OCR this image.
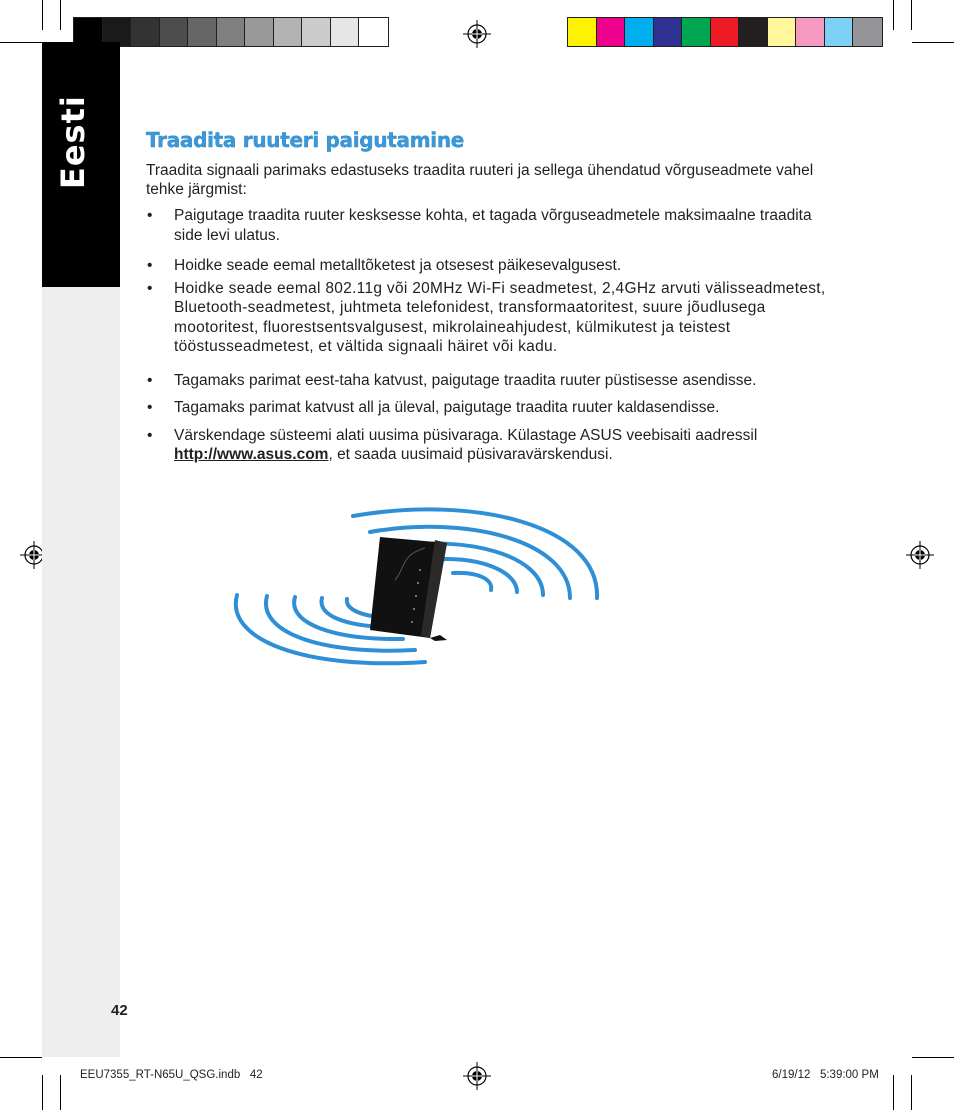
Eesti	Traadita ruuteri paigutamine
Traadita signaali parimaks edastuseks traadita ruuteri ja sellega ühendatud võrguseadmete vahel tehke järgmist:
• Paigutage traadita ruuter kesksesse kohta, et tagada võrguseadmetele maksimaalne traadita side levi ulatus.
• Hoidke seade eemal metalltõketest ja otsesest päikesevalgusest.
• Hoidke seade eemal 802.11g või 20MHz Wi-Fi seadmetest, 2,4GHz arvuti välisseadmetest, Bluetooth-seadmetest, juhtmeta telefonidest, transformaatoritest, suure jõudlusega mootoritest, fluorestsentsvalgusest, mikrolaineahjudest, külmikutest ja teistest tööstusseadmetest, et vältida signaali häiret või kadu.
• Tagamaks parimat eest-taha katvust, paigutage traadita ruuter püstisesse asendisse.
• Tagamaks parimat katvust all ja üleval, paigutage traadita ruuter kaldasendisse.
• Värskendage süsteemi alati uusima püsivaraga. Külastage ASUS veebisaiti aadressil http://www.asus.com, et saada uusimaid püsivaravärskendusi.
42
EEU7355_RT-N65U_QSG.indb   42	6/19/12   5:39:00 PM
